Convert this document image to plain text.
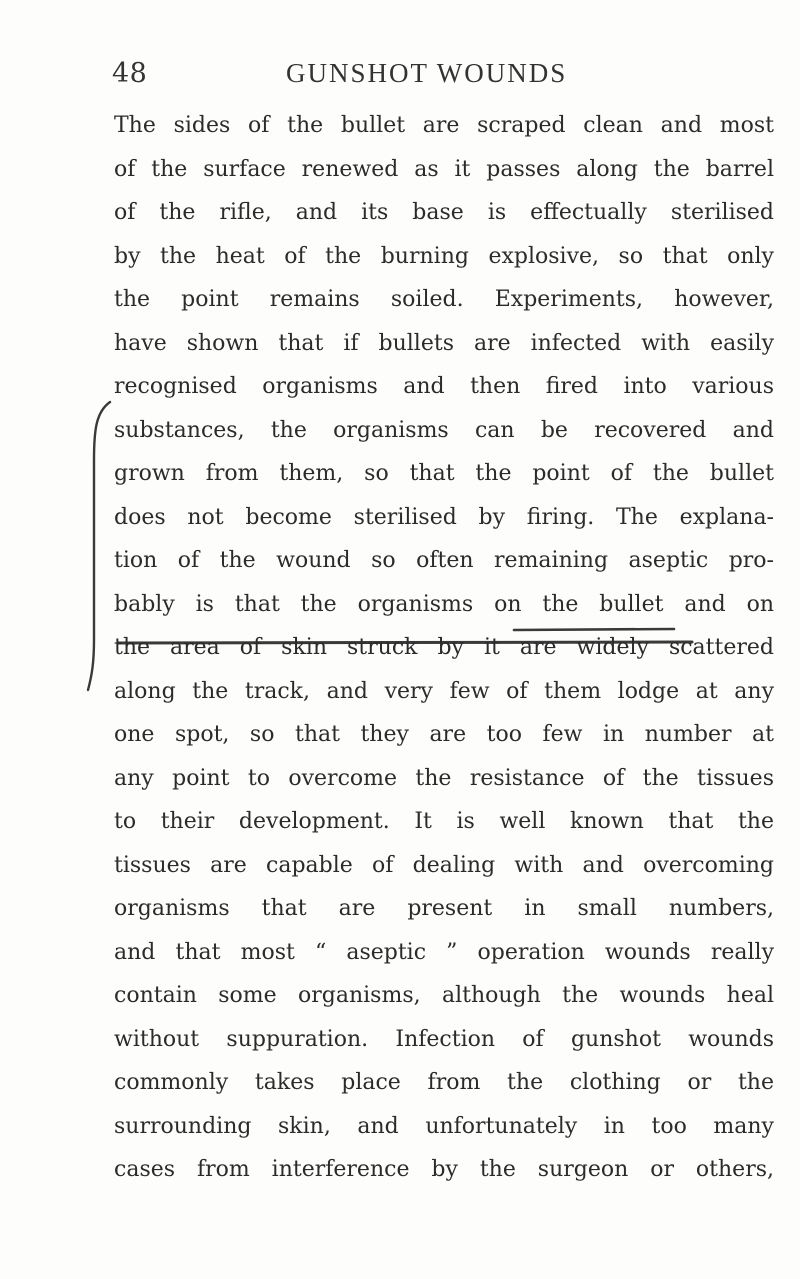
48	GUNSHOT WOUNDS
The sides of the bullet are scraped clean and most
of the surface renewed as it passes along the barrel
of the rifle, and its base is effectually sterilised
by the heat of the burning explosive, so that only
the point remains soiled. Experiments, however,
have shown that if bullets are infected with easily
recognised organisms and then fired into various
substances, the organisms can be recovered and
grown from them, so that the point of the bullet
does not become sterilised by firing. The explana-
tion of the wound so often remaining aseptic pro-
bably is that the organisms on the bullet and on
the area of skin struck by it are widely scattered
along the track, and very few of them lodge at any
one spot, so that they are too few in number at
any point to overcome the resistance of the tissues
to their development. It is well known that the
tissues are capable of dealing with and overcoming
organisms that are present in small numbers,
and that most “ aseptic ” operation wounds really
contain some organisms, although the wounds heal
without suppuration. Infection of gunshot wounds
commonly takes place from the clothing or the
surrounding skin, and unfortunately in too many
cases from interference by the surgeon or others,
